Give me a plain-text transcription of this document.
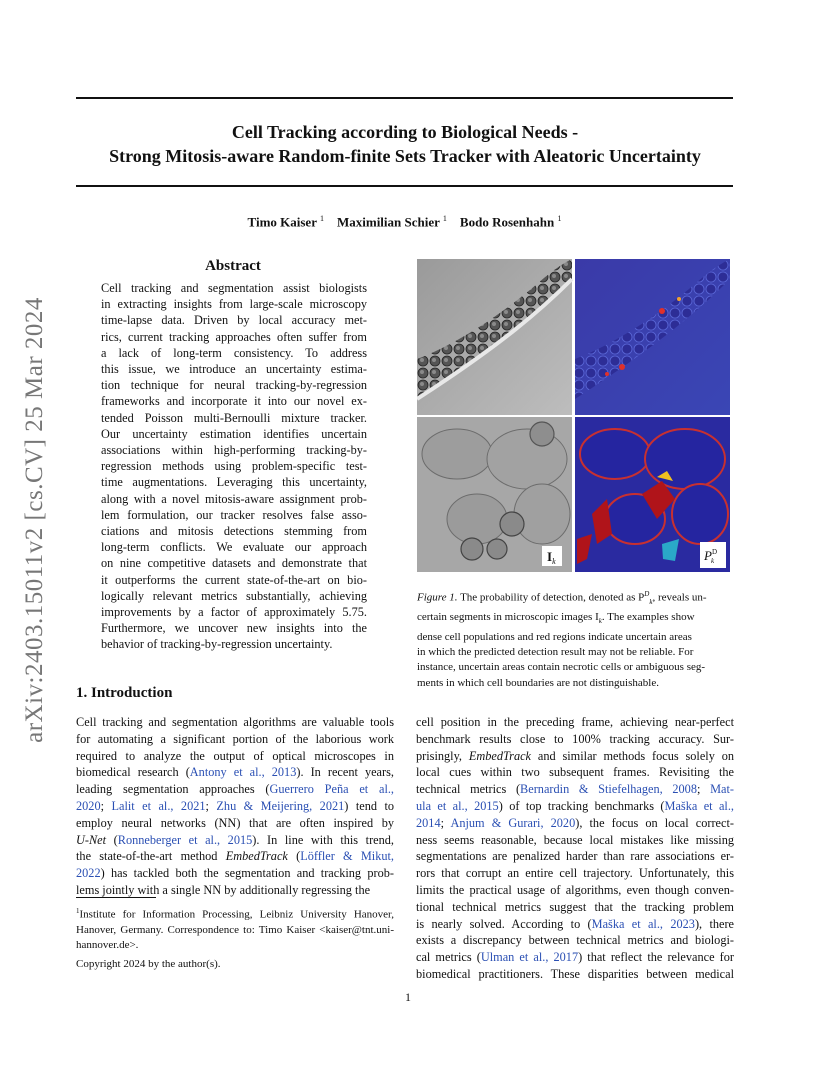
Cell Tracking according to Biological Needs -
Strong Mitosis-aware Random-finite Sets Tracker with Aleatoric Uncertainty
Timo Kaiser $^1$ Maximilian Schier $^1$ Bodo Rosenhahn $^1$
arXiv:2403.15011v2 [cs.CV] 25 Mar 2024
Abstract
Cell tracking and segmentation assist biologists
in extracting insights from large-scale microscopy
time-lapse data. Driven by local accuracy met-
rics, current tracking approaches often suffer from
a lack of long-term consistency. To address
this issue, we introduce an uncertainty estima-
tion technique for neural tracking-by-regression
frameworks and incorporate it into our novel ex-
tended Poisson multi-Bernoulli mixture tracker.
Our uncertainty estimation identifies uncertain
associations within high-performing tracking-by-
regression methods using problem-specific test-
time augmentations. Leveraging this uncertainty,
along with a novel mitosis-aware assignment prob-
lem formulation, our tracker resolves false asso-
ciations and mitosis detections stemming from
long-term conflicts. We evaluate our approach
on nine competitive datasets and demonstrate that
it outperforms the current state-of-the-art on bio-
logically relevant metrics substantially, achieving
improvements by a factor of approximately 5.75.
Furthermore, we uncover new insights into the
behavior of tracking-by-regression uncertainty.
$I_k$	$P^D$ k
Figure 1. The probability of detection, denoted as $P^D_k$, reveals un-
certain segments in microscopic images $I_k$. The examples show
dense cell populations and red regions indicate uncertain areas
in which the predicted detection result may not be reliable. For
instance, uncertain areas contain necrotic cells or ambiguous seg-
ments in which cell boundaries are not distinguishable.
1. Introduction
Cell tracking and segmentation algorithms are valuable tools
for automating a significant portion of the laborious work
required to analyze the output of optical microscopes in
biomedical research (Antony et al., 2013). In recent years,
leading segmentation approaches (Guerrero Peña et al.,
2020; Lalit et al., 2021; Zhu & Meijering, 2021) tend to
employ neural networks (NN) that are often inspired by
U-Net (Ronneberger et al., 2015). In line with this trend,
the state-of-the-art method EmbedTrack (Löffler & Mikut,
2022) has tackled both the segmentation and tracking prob-
lems jointly with a single NN by additionally regressing the
cell position in the preceding frame, achieving near-perfect
benchmark results close to 100% tracking accuracy. Sur-
prisingly, EmbedTrack and similar methods focus solely on
local cues within two subsequent frames. Revisiting the
technical metrics (Bernardin & Stiefelhagen, 2008; Mat-
ula et al., 2015) of top tracking benchmarks (Maška et al.,
2014; Anjum & Gurari, 2020), the focus on local correct-
ness seems reasonable, because local mistakes like missing
segmentations are penalized harder than rare associations er-
rors that corrupt an entire cell trajectory. Unfortunately, this
limits the practical usage of algorithms, even though conven-
tional technical metrics suggest that the tracking problem
is nearly solved. According to (Maška et al., 2023), there
exists a discrepancy between technical metrics and biologi-
cal metrics (Ulman et al., 2017) that reflect the relevance for
biomedical practitioners. These disparities between medical
$^1$Institute for Information Processing, Leibniz University Hanover, Hanover, Germany. Correspondence to: Timo Kaiser <kaiser@tnt.uni-hannover.de>.
Copyright 2024 by the author(s).
1
